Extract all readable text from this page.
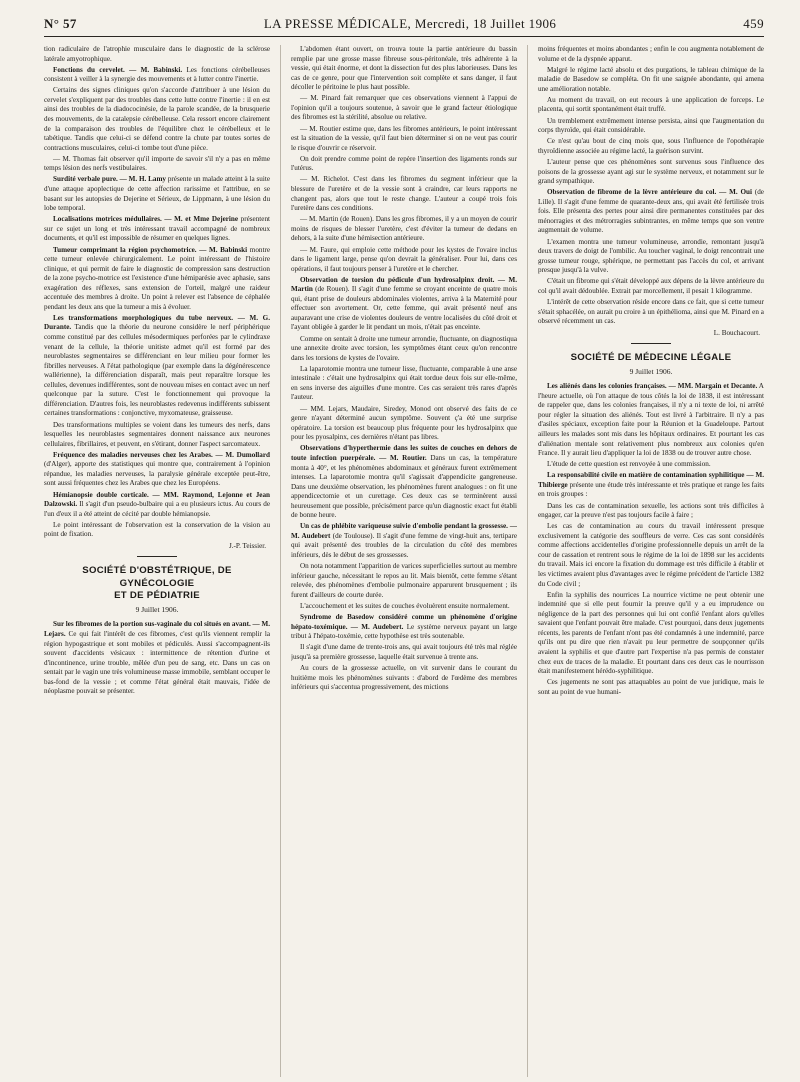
N° 57	LA PRESSE MÉDICALE, Mercredi, 18 Juillet 1906	459

tion radiculaire de l'atrophie musculaire dans le diagnostic de la sclérose latérale amyotrophique.

Fonctions du cervelet. — M. Babinski. Les fonctions cérébelleuses consistent à veiller à la synergie des mouvements et à lutter contre l'inertie.

Certains des signes cliniques qu'on s'accorde d'attribuer à une lésion du cervelet s'expliquent par des troubles dans cette lutte contre l'inertie : il en est ainsi des troubles de la diadococinésie, de la parole scandée, de la brusquerie des mouvements, de la catalepsie cérébelleuse. Cela ressort encore clairement de la comparaison des troubles de l'équilibre chez le cérébelleux et le tabétique. Tandis que celui-ci se défend contre la chute par toutes sortes de contractions musculaires, celui-ci tombe tout d'une pièce.

— M. Thomas fait observer qu'il importe de savoir s'il n'y a pas en même temps lésion des nerfs vestibulaires.

Surdité verbale pure. — M. H. Lamy présente un malade atteint à la suite d'une attaque apoplectique de cette affection rarissime et l'attribue, en se basant sur les autopsies de Dejerine et Sérieux, de Lippmann, à une lésion du lobe temporal.

Localisations motrices médullaires. — M. et Mme Dejerine présentent sur ce sujet un long et très intéressant travail accompagné de nombreux documents, et qu'il est impossible de résumer en quelques lignes.

Tumeur comprimant la région psychomotrice. — M. Babinski montre cette tumeur enlevée chirurgicalement. Le point intéressant de l'histoire clinique, et qui permit de faire le diagnostic de compression sans destruction de la zone psycho-motrice est l'existence d'une hémiparésie avec aphasie, sans exagération des réflexes, sans extension de l'orteil, malgré une raideur accentuée des membres à droite. Un point à relever est l'absence de céphalée pendant les deux ans que la tumeur a mis à évoluer.

Les transformations morphologiques du tube nerveux. — M. G. Durante. Tandis que la théorie du neurone considère le nerf périphérique comme constitué par des cellules mésodermiques perforées par le cylindraxe venant de la cellule, la théorie unitiste admet qu'il est formé par des neuroblastes segmentaires se différenciant en leur milieu pour former les fibrilles nerveuses. A l'état pathologique (par exemple dans la dégénérescence wallérienne), la différenciation disparaît, mais peut reparaître lorsque les cellules, devenues indifférentes, sont de nouveau mises en contact avec un nerf quelconque par la suture. C'est le fonctionnement qui provoque la différenciation. D'autres fois, les neuroblastes redevenus indifférents subissent certaines transformations : conjonctive, myxomateuse, graisseuse.

Des transformations multiples se voient dans les tumeurs des nerfs, dans lesquelles les neuroblastes segmentaires donnent naissance aux neurones cellulaires, fibrillaires, et peuvent, en s'étirant, donner l'aspect sarcomateux.

Fréquence des maladies nerveuses chez les Arabes. — M. Dumollard (d'Alger), apporte des statistiques qui montre que, contrairement à l'opinion répandue, les maladies nerveuses, la paralysie générale exceptée peut-être, sont aussi fréquentes chez les Arabes que chez les Européens.

Hémianopsie double corticale. — MM. Raymond, Lejonne et Jean Dalzowski. Il s'agit d'un pseudo-bulbaire qui a eu plusieurs ictus. Au cours de l'un d'eux il a été atteint de cécité par double hémianopsie.

Le point intéressant de l'observation est la conservation de la vision au point de fixation.

J.-P. Teissier.
SOCIÉTÉ D'OBSTÉTRIQUE, DE GYNÉCOLOGIE
ET DE PÉDIATRIE
9 Juillet 1906.

Sur les fibromes de la portion sus-vaginale du col situés en avant. — M. Lejars. Ce qui fait l'intérêt de ces fibromes, c'est qu'ils viennent remplir la région hypogastrique et sont mobiles et pédiculés. Aussi s'accompagnent-ils souvent d'accidents vésicaux : intermittence de rétention d'urine et d'incontinence, urine trouble, mêlée d'un peu de sang, etc. Dans un cas on sentait par le vagin une très volumineuse masse immobile, semblant occuper le bas-fond de la vessie ; et comme l'état général était mauvais, l'idée de néoplasme pouvait se présenter.

L'abdomen étant ouvert, on trouva toute la partie antérieure du bassin remplie par une grosse masse fibreuse sous-péritonéale, très adhérente à la vessie, qui était énorme, et dont la dissection fut des plus laborieuses. Dans les cas de ce genre, pour que l'intervention soit complète et sans danger, il faut décoller le péritoine le plus haut possible.

— M. Pinard fait remarquer que ces observations viennent à l'appui de l'opinion qu'il a toujours soutenue, à savoir que le grand facteur étiologique des fibromes est la stérilité, absolue ou relative.

— M. Routier estime que, dans les fibromes antérieurs, le point intéressant est la situation de la vessie, qu'il faut bien déterminer si on ne veut pas courir le risque d'ouvrir ce réservoir.

On doit prendre comme point de repère l'insertion des ligaments ronds sur l'utérus.

— M. Richelot. C'est dans les fibromes du segment inférieur que la blessure de l'uretère et de la vessie sont à craindre, car leurs rapports ne changent pas, alors que tout le reste change. L'auteur a coupé trois fois l'uretère dans ces conditions.

— M. Martin (de Rouen). Dans les gros fibromes, il y a un moyen de courir moins de risques de blesser l'uretère, c'est d'éviter la tumeur de dedans en dehors, à la suite d'une hémisection antérieure.

— M. Faure, qui emploie cette méthode pour les kystes de l'ovaire inclus dans le ligament large, pense qu'on devrait la généraliser. Pour lui, dans ces opérations, il faut toujours penser à l'uretère et le chercher.

Observation de torsion du pédicule d'un hydrosalpinx droit. — M. Martin (de Rouen). Il s'agit d'une femme se croyant enceinte de quatre mois qui, étant prise de douleurs abdominales violentes, arriva à la Maternité pour effectuer son avortement. Or, cette femme, qui avait présenté neuf ans auparavant une crise de violentes douleurs de ventre localisées du côté droit et l'ayant obligée à garder le lit pendant un mois, n'était pas enceinte.

Comme on sentait à droite une tumeur arrondie, fluctuante, on diagnostiqua une annexite droite avec torsion, les symptômes étant ceux qu'on rencontre dans les torsions de kystes de l'ovaire.

La laparotomie montra une tumeur lisse, fluctuante, comparable à une anse intestinale : c'était une hydrosalpinx qui était tordue deux fois sur elle-même, en sens inverse des aiguilles d'une montre. Ces cas seraient très rares d'après l'auteur.

— MM. Lejars, Maudaire, Siredey, Monod ont observé des faits de ce genre n'ayant déterminé aucun symptôme. Souvent ç'a été une surprise opératoire. La torsion est beaucoup plus fréquente pour les hydrosalpinx que pour les pyosalpinx, ces dernières n'étant pas libres.

Observations d'hyperthermie dans les suites de couches en dehors de toute infection puerpérale. — M. Routier. Dans un cas, la température monta à 40°, et les phénomènes abdominaux et généraux furent extrêmement intenses. La laparotomie montra qu'il s'agissait d'appendicite gangreneuse. Dans une deuxième observation, les phénomènes furent analogues : on fit une appendicectomie et un curettage. Ces deux cas se terminèrent aussi heureusement que possible, précisément parce qu'un diagnostic exact fut établi de bonne heure.

Un cas de phlébite variqueuse suivie d'embolie pendant la grossesse. — M. Audebert (de Toulouse). Il s'agit d'une femme de vingt-huit ans, tertipare qui avait présenté des troubles de la circulation du côté des membres inférieurs, dès le début de ses grossesses.

On nota notamment l'apparition de varices superficielles surtout au membre inférieur gauche, nécessitant le repos au lit. Mais bientôt, cette femme s'étant relevée, des phénomènes d'embolie pulmonaire apparurent brusquement ; ils furent d'ailleurs de courte durée.

L'accouchement et les suites de couches évoluèrent ensuite normalement.

Syndrome de Basedow considéré comme un phénomène d'origine hépato-toxémique. — M. Audebert. Le système nerveux payant un large tribut à l'hépato-toxémie, cette hypothèse est très soutenable.

Il s'agit d'une dame de trente-trois ans, qui avait toujours été très mal réglée jusqu'à sa première grossesse, laquelle était survenue à trente ans.

Au cours de la grossesse actuelle, on vit survenir dans le courant du huitième mois les phénomènes suivants : d'abord de l'œdème des membres inférieurs qui s'accentua progressivement, des mictions

moins fréquentes et moins abondantes ; enfin le cou augmenta notablement de volume et de la dyspnée apparut.

Malgré le régime lacté absolu et des purgations, le tableau chimique de la maladie de Basedow se compléta. On fit une saignée abondante, qui amena une amélioration notable.

Au moment du travail, on eut recours à une application de forceps. Le placenta, qui sortit spontanément était truffé.

Un tremblement extrêmement intense persista, ainsi que l'augmentation du corps thyroïde, qui était considérable.

Ce n'est qu'au bout de cinq mois que, sous l'influence de l'opothérapie thyroïdienne associée au régime lacté, la guérison survint.

L'auteur pense que ces phénomènes sont survenus sous l'influence des poisons de la grossesse ayant agi sur le système nerveux, et notamment sur le grand sympathique.

Observation de fibrome de la lèvre antérieure du col. — M. Oui (de Lille). Il s'agit d'une femme de quarante-deux ans, qui avait été fertilisée trois fois. Elle présenta des pertes pour ainsi dire permanentes constituées par des ménorragies et des métrorragies subintrantes, en même temps que son ventre augmentait de volume.

L'examen montra une tumeur volumineuse, arrondie, remontant jusqu'à deux travers de doigt de l'ombilic. Au toucher vaginal, le doigt rencontrait une grosse tumeur rouge, sphérique, ne permettant pas l'accès du col, et arrivant presque jusqu'à la vulve.

C'était un fibrome qui s'était développé aux dépens de la lèvre antérieure du col qu'il avait dédoublée. Extrait par morcellement, il pesait 1 kilogramme.

L'intérêt de cette observation réside encore dans ce fait, que si cette tumeur s'était sphacélée, on aurait pu croire à un épithélioma, ainsi que M. Pinard en a observé récemment un cas.

L. Bouchacourt.
SOCIÉTÉ DE MÉDECINE LÉGALE
9 Juillet 1906.

Les aliénés dans les colonies françaises. — MM. Margain et Decante. A l'heure actuelle, où l'on attaque de tous côtés la loi de 1838, il est intéressant de rappeler que, dans les colonies françaises, il n'y a ni texte de loi, ni arrêté pour régler la situation des aliénés. Tout est livré à l'arbitraire. Il n'y a pas d'asiles spéciaux, exception faite pour la Réunion et la Guadeloupe. Partout ailleurs les malades sont mis dans les hôpitaux ordinaires. Et pourtant les cas d'aliénation mentale sont relativement plus nombreux aux colonies qu'en France. Il y aurait lieu d'appliquer la loi de 1838 ou de trouver autre chose.

L'étude de cette question est renvoyée à une commission.

La responsabilité civile en matière de contamination syphilitique — M. Thibierge présente une étude très intéressante et très pratique et range les faits en trois groupes :

Dans les cas de contamination sexuelle, les actions sont très difficiles à engager, car la preuve n'est pas toujours facile à faire ;

Les cas de contamination au cours du travail intéressent presque exclusivement la catégorie des souffleurs de verre. Ces cas sont considérés comme affections accidentelles d'origine professionnelle depuis un arrêt de la cour de cassation et rentrent sous le régime de la loi de 1898 sur les accidents du travail. Mais ici encore la fixation du dommage est très difficile à établir et les victimes avaient plus d'avantages avec le régime précédent de l'article 1382 du Code civil ;

Enfin la syphilis des nourrices La nourrice victime ne peut obtenir une indemnité que si elle peut fournir la preuve qu'il y a eu imprudence ou négligence de la part des personnes qui lui ont confié l'enfant alors qu'elles savaient que l'enfant pouvait être malade. C'est pourquoi, dans deux jugements récents, les parents de l'enfant n'ont pas été condamnés à une indemnité, parce qu'ils ont pu dire que rien n'avait pu leur permettre de soupçonner qu'ils avaient la syphilis et que d'autre part l'expertise n'a pas permis de constater chez eux de traces de la maladie. Et pourtant dans ces deux cas le nourrisson était manifestement hérédo-syphilitique.

Ces jugements ne sont pas attaquables au point de vue juridique, mais le sont au point de vue humani-
